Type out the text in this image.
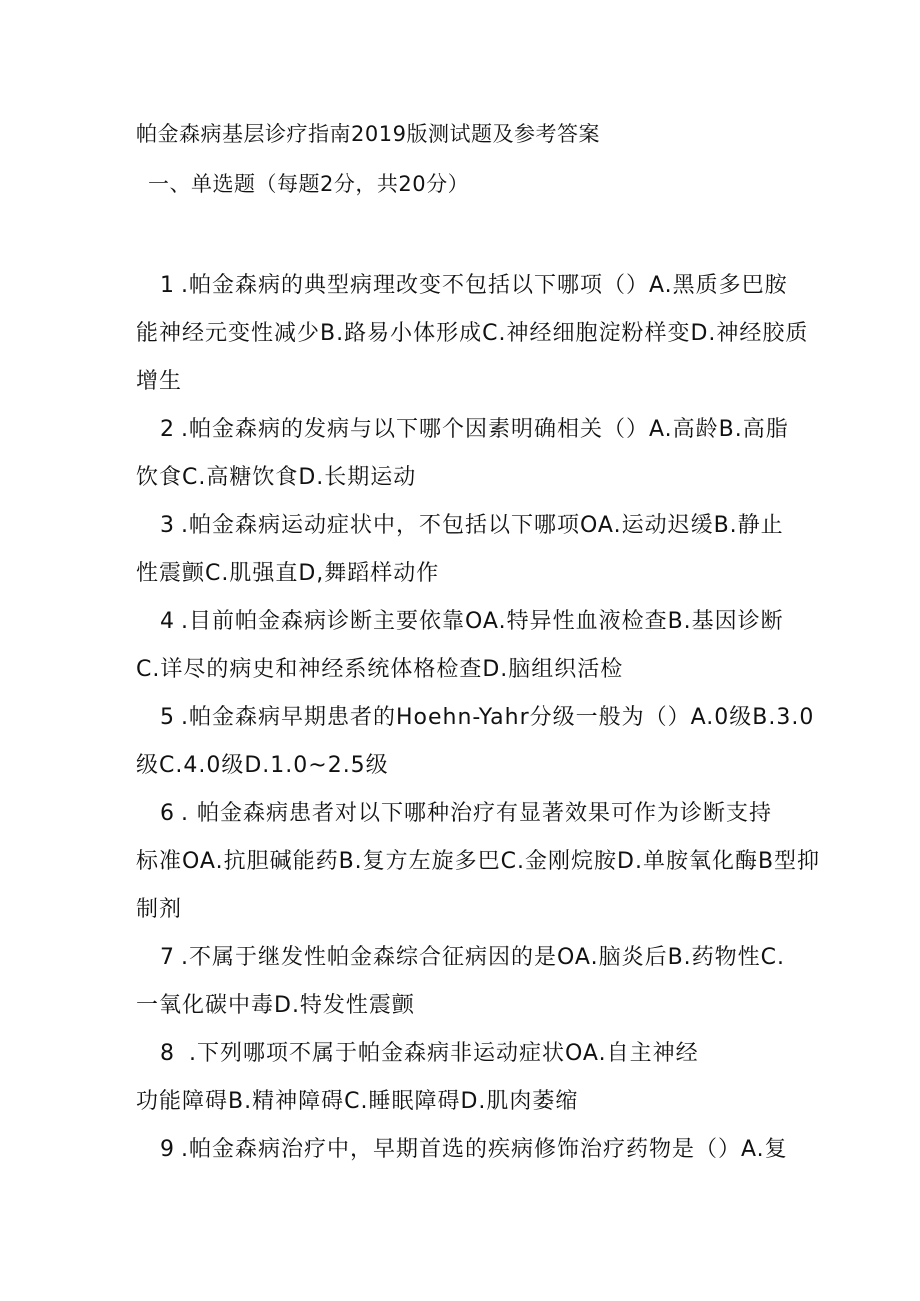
帕金森病基层诊疗指南2019版测试题及参考答案
一、单选题（每题2分，共20分）
1 .帕金森病的典型病理改变不包括以下哪项（）A.黑质多巴胺
能神经元变性减少B.路易小体形成C.神经细胞淀粉样变D.神经胶质
增生
2 .帕金森病的发病与以下哪个因素明确相关（）A.高龄B.高脂
饮食C.高糖饮食D.长期运动
3 .帕金森病运动症状中，不包括以下哪项OA.运动迟缓B.静止
性震颤C.肌强直D,舞蹈样动作
4 .目前帕金森病诊断主要依靠OA.特异性血液检查B.基因诊断
C.详尽的病史和神经系统体格检查D.脑组织活检
5 .帕金森病早期患者的Hoehn-Yahr分级一般为（）A.0级B.3.0
级C.4.0级D.1.0~2.5级
6 . 帕金森病患者对以下哪种治疗有显著效果可作为诊断支持
标准OA.抗胆碱能药B.复方左旋多巴C.金刚烷胺D.单胺氧化酶B型抑
制剂
7 .不属于继发性帕金森综合征病因的是OA.脑炎后B.药物性C.
一氧化碳中毒D.特发性震颤
8 .下列哪项不属于帕金森病非运动症状OA.自主神经
功能障碍B.精神障碍C.睡眠障碍D.肌肉萎缩
9 .帕金森病治疗中，早期首选的疾病修饰治疗药物是（）A.复
